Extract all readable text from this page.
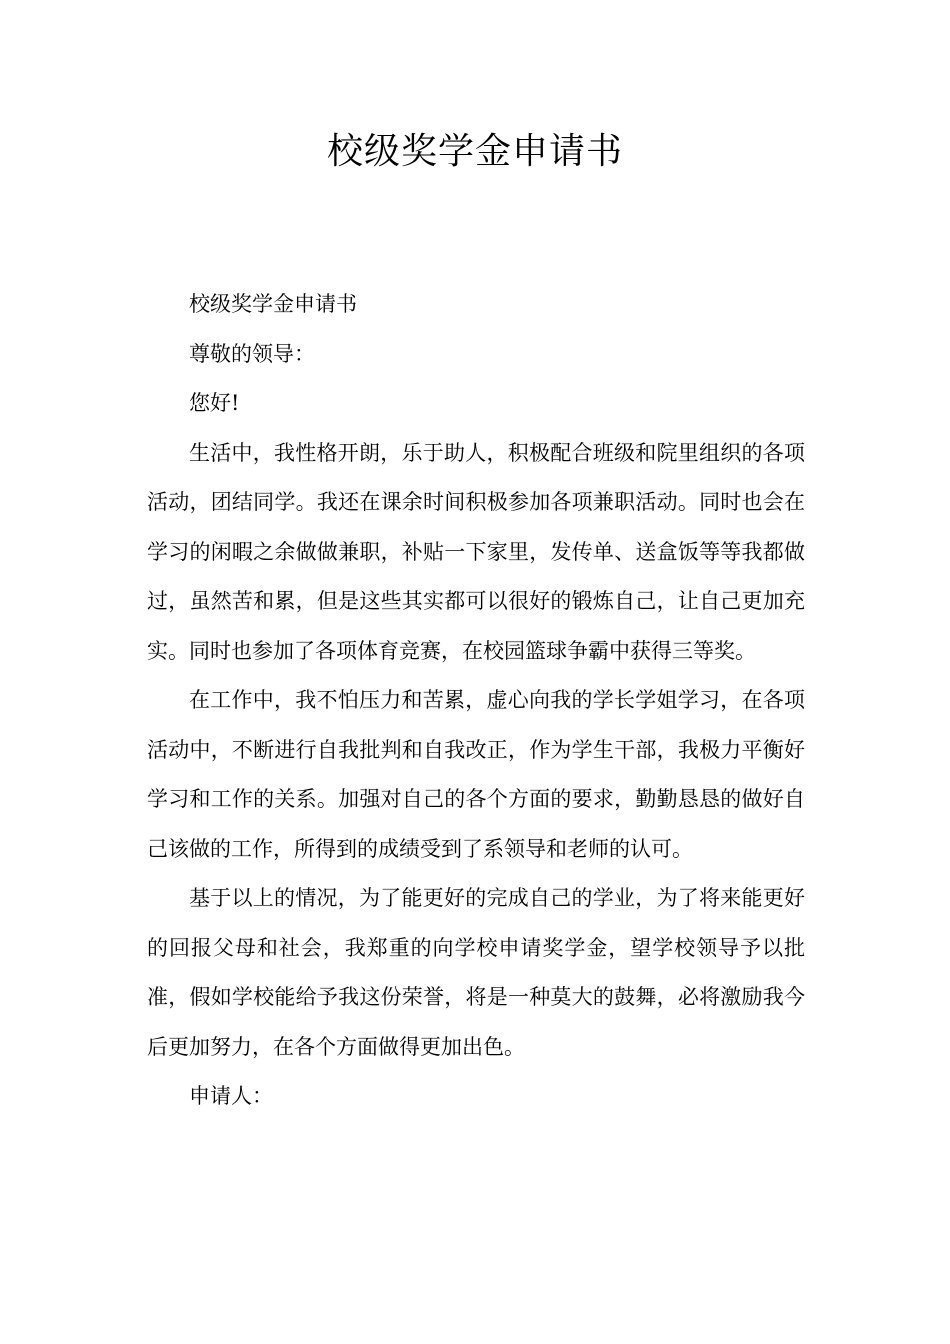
校级奖学金申请书

校级奖学金申请书

尊敬的领导：

您好!

生活中，我性格开朗，乐于助人，积极配合班级和院里组织的各项活动，团结同学。我还在课余时间积极参加各项兼职活动。同时也会在学习的闲暇之余做做兼职，补贴一下家里，发传单、送盒饭等等我都做过，虽然苦和累，但是这些其实都可以很好的锻炼自己，让自己更加充实。同时也参加了各项体育竞赛，在校园篮球争霸中获得三等奖。

在工作中，我不怕压力和苦累，虚心向我的学长学姐学习，在各项活动中，不断进行自我批判和自我改正，作为学生干部，我极力平衡好学习和工作的关系。加强对自己的各个方面的要求，勤勤恳恳的做好自己该做的工作，所得到的成绩受到了系领导和老师的认可。

基于以上的情况，为了能更好的完成自己的学业，为了将来能更好的回报父母和社会，我郑重的向学校申请奖学金，望学校领导予以批准，假如学校能给予我这份荣誉，将是一种莫大的鼓舞，必将激励我今后更加努力，在各个方面做得更加出色。

申请人：
